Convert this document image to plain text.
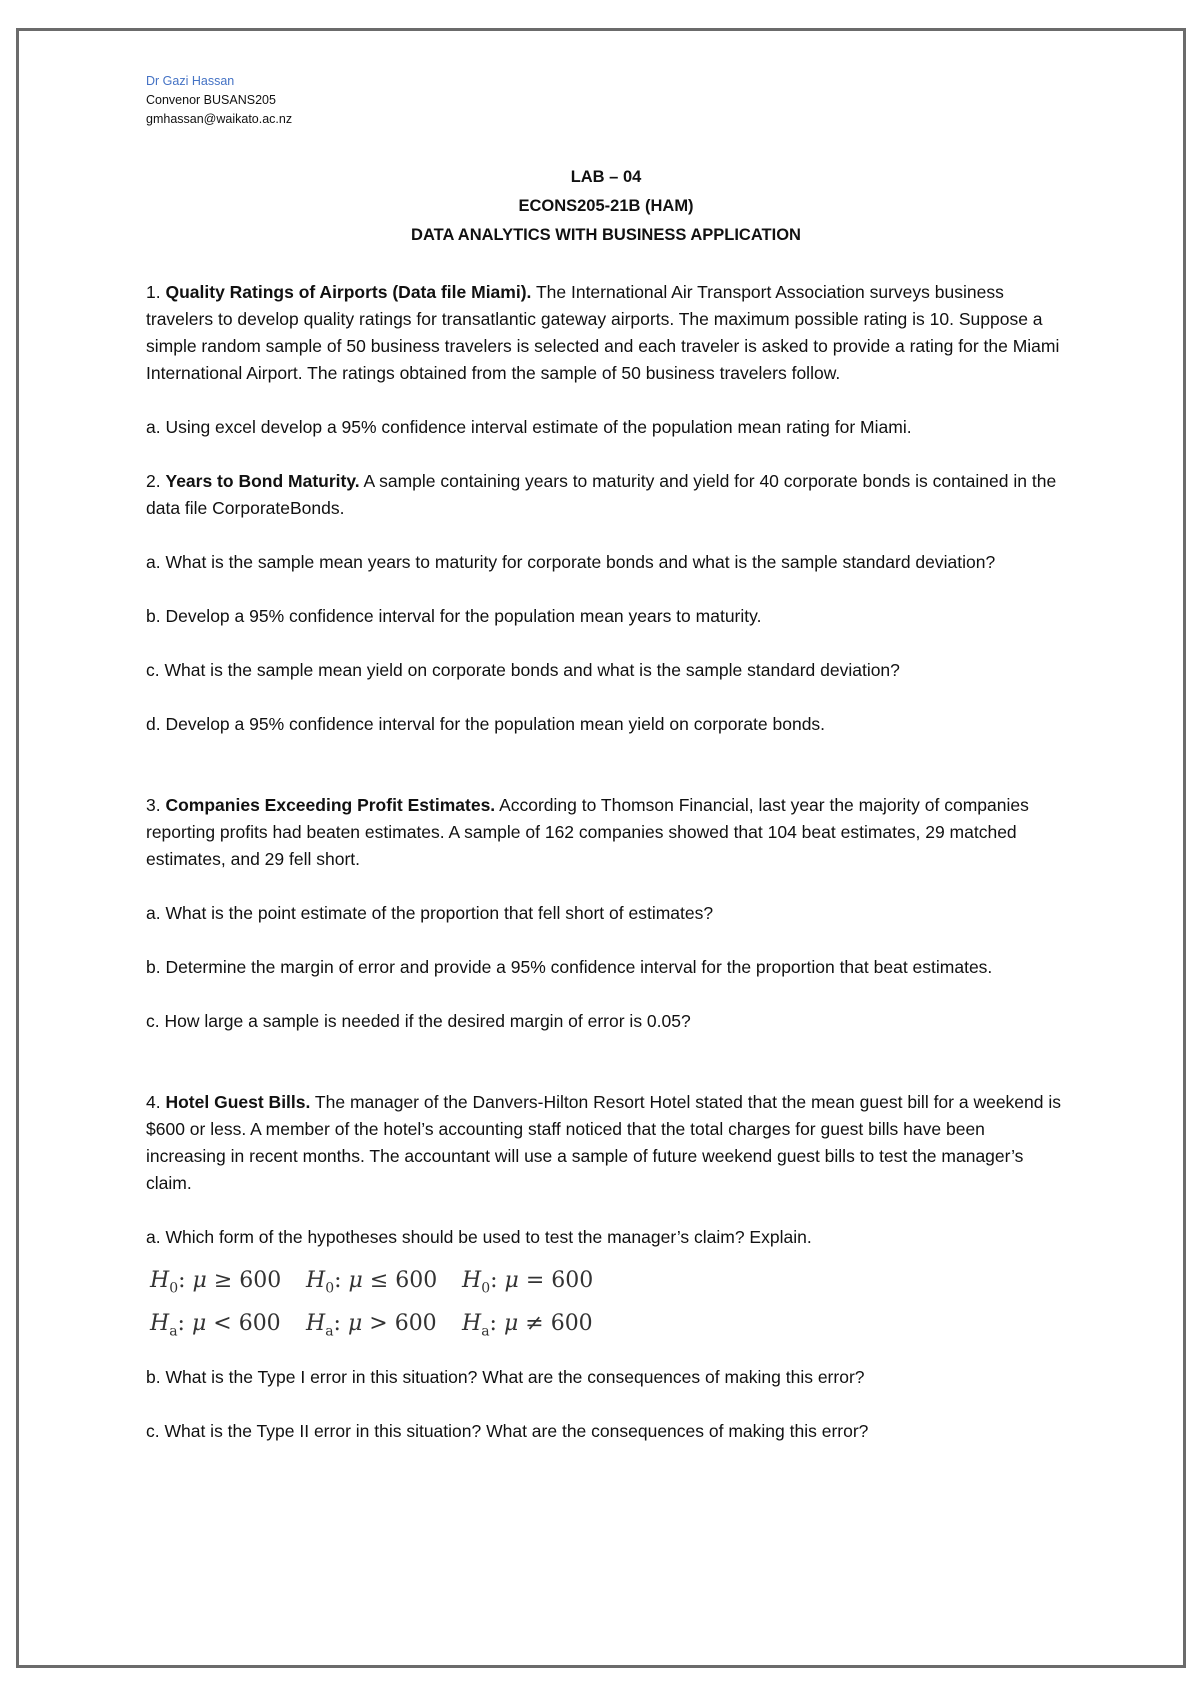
Dr Gazi Hassan
Convenor BUSANS205
gmhassan@waikato.ac.nz
LAB – 04
ECONS205-21B (HAM)
DATA ANALYTICS WITH BUSINESS APPLICATION

1. Quality Ratings of Airports (Data file Miami). The International Air Transport Association surveys business travelers to develop quality ratings for transatlantic gateway airports. The maximum possible rating is 10. Suppose a simple random sample of 50 business travelers is selected and each traveler is asked to provide a rating for the Miami International Airport. The ratings obtained from the sample of 50 business travelers follow.

a. Using excel develop a 95% confidence interval estimate of the population mean rating for Miami.

2. Years to Bond Maturity. A sample containing years to maturity and yield for 40 corporate bonds is contained in the data file CorporateBonds.

a. What is the sample mean years to maturity for corporate bonds and what is the sample standard deviation?

b. Develop a 95% confidence interval for the population mean years to maturity.

c. What is the sample mean yield on corporate bonds and what is the sample standard deviation?

d. Develop a 95% confidence interval for the population mean yield on corporate bonds.

3. Companies Exceeding Profit Estimates. According to Thomson Financial, last year the majority of companies reporting profits had beaten estimates. A sample of 162 companies showed that 104 beat estimates, 29 matched estimates, and 29 fell short.

a. What is the point estimate of the proportion that fell short of estimates?

b. Determine the margin of error and provide a 95% confidence interval for the proportion that beat estimates.

c. How large a sample is needed if the desired margin of error is 0.05?

4. Hotel Guest Bills. The manager of the Danvers-Hilton Resort Hotel stated that the mean guest bill for a weekend is $600 or less. A member of the hotel’s accounting staff noticed that the total charges for guest bills have been increasing in recent months. The accountant will use a sample of future weekend guest bills to test the manager’s claim.

a. Which form of the hypotheses should be used to test the manager’s claim? Explain.

$H_0$: μ ≥ 600	$H_0$: μ ≤ 600	$H_0$: μ = 600
$H_a$: μ < 600	$H_a$: μ > 600	$H_a$: μ ≠ 600

b. What is the Type I error in this situation? What are the consequences of making this error?

c. What is the Type II error in this situation? What are the consequences of making this error?
